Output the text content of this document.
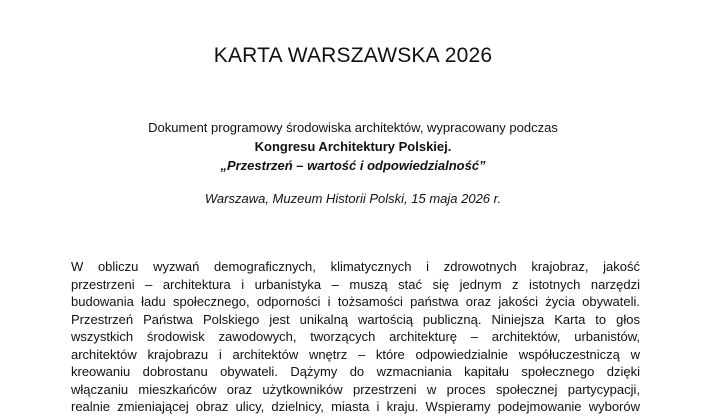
KARTA WARSZAWSKA 2026
Dokument programowy środowiska architektów, wypracowany podczas
Kongresu Architektury Polskiej.
„Przestrzeń – wartość i odpowiedzialność”
Warszawa, Muzeum Historii Polski, 15 maja 2026 r.
W obliczu wyzwań demograficznych, klimatycznych i zdrowotnych krajobraz, jakość
przestrzeni – architektura i urbanistyka – muszą stać się jednym z istotnych narzędzi
budowania ładu społecznego, odporności i tożsamości państwa oraz jakości życia obywateli.
Przestrzeń Państwa Polskiego jest unikalną wartością publiczną. Niniejsza Karta to głos
wszystkich środowisk zawodowych, tworzących architekturę – architektów, urbanistów,
architektów krajobrazu i architektów wnętrz – które odpowiedzialnie współuczestniczą w
kreowaniu dobrostanu obywateli. Dążymy do wzmacniania kapitału społecznego dzięki
włączaniu mieszkańców oraz użytkowników przestrzeni w proces społecznej partycypacji,
realnie zmieniającej obraz ulicy, dzielnicy, miasta i kraju. Wspieramy podejmowanie wyborów
